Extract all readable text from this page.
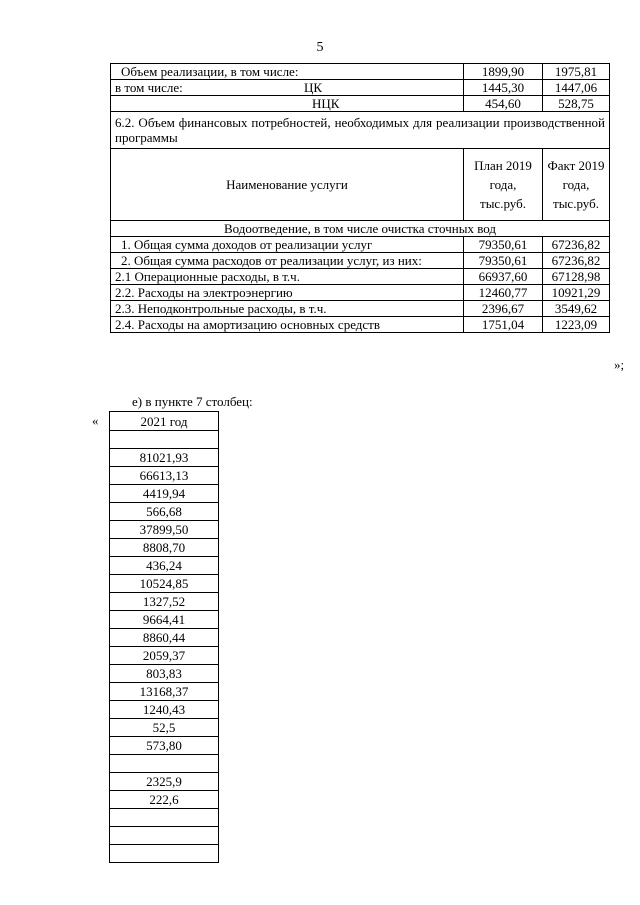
5
Объем реализации, в том числе:	1899,90	1975,81
в том числе: ЦК	1445,30	1447,06
НЦК	454,60	528,75
6.2. Объем финансовых потребностей, необходимых для реализации производственной программы		
Наименование услуги	План 2019 года, тыс.руб.	Факт 2019 года, тыс.руб.
Водоотведение, в том числе очистка сточных вод		
1. Общая сумма доходов от реализации услуг	79350,61	67236,82
2. Общая сумма расходов от реализации услуг, из них:	79350,61	67236,82
2.1 Операционные расходы, в т.ч.	66937,60	67128,98
2.2. Расходы на электроэнергию	12460,77	10921,29
2.3. Неподконтрольные расходы, в т.ч.	2396,67	3549,62
2.4. Расходы на амортизацию основных средств	1751,04	1223,09
»;
е) в пункте 7 столбец:
«	2021 год

81021,93
66613,13
4419,94
566,68
37899,50
8808,70
436,24
10524,85
1327,52
9664,41
8860,44
2059,37
803,83
13168,37
1240,43
52,5
573,80

2325,9
222,6
